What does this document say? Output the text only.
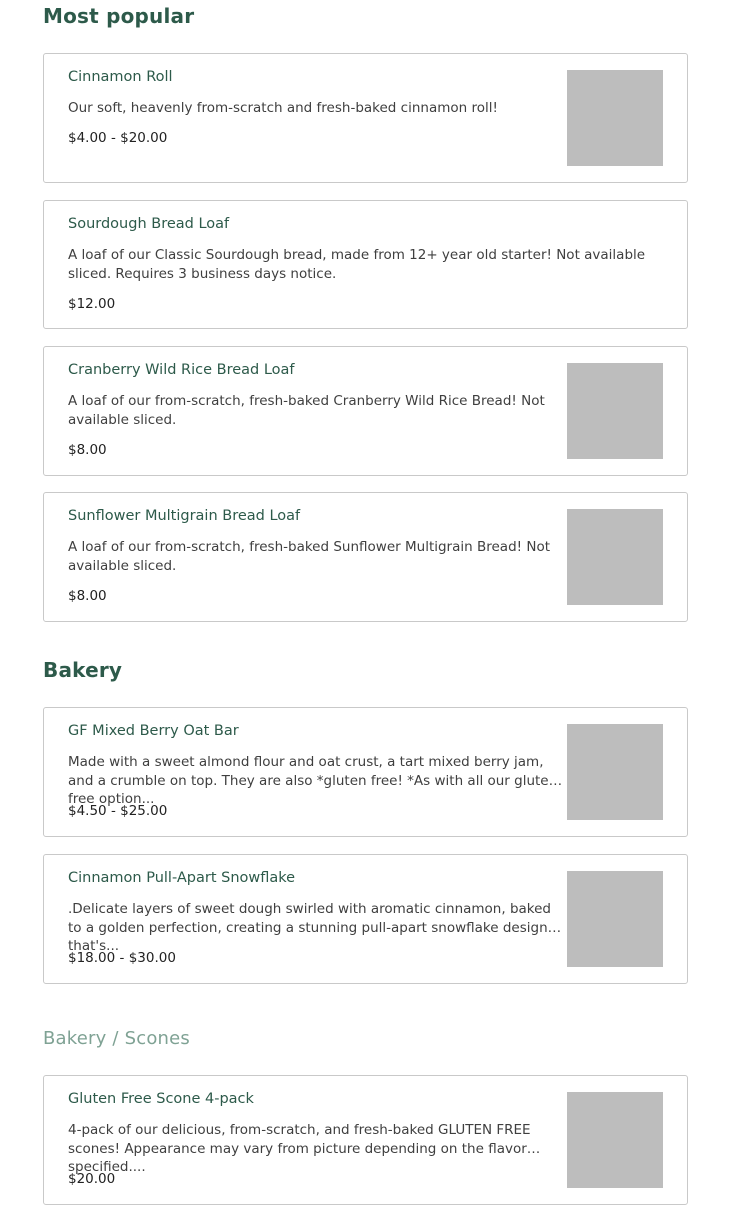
Most popular
Cinnamon Roll
Our soft, heavenly from-scratch and fresh-baked cinnamon roll!
$4.00 - $20.00
Sourdough Bread Loaf
A loaf of our Classic Sourdough bread, made from 12+ year old starter! Not available sliced. Requires 3 business days notice.
$12.00
Cranberry Wild Rice Bread Loaf
A loaf of our from-scratch, fresh-baked Cranberry Wild Rice Bread! Not available sliced.
$8.00
Sunflower Multigrain Bread Loaf
A loaf of our from-scratch, fresh-baked Sunflower Multigrain Bread! Not available sliced.
$8.00
Bakery
GF Mixed Berry Oat Bar
Made with a sweet almond flour and oat crust, a tart mixed berry jam, and a crumble on top. They are also *gluten free! *As with all our gluten free option...
$4.50 - $25.00
Cinnamon Pull-Apart Snowflake
.Delicate layers of sweet dough swirled with aromatic cinnamon, baked to a golden perfection, creating a stunning pull-apart snowflake design that's...
$18.00 - $30.00
Bakery / Scones
Gluten Free Scone 4-pack
4-pack of our delicious, from-scratch, and fresh-baked GLUTEN FREE scones! Appearance may vary from picture depending on the flavor specified....
$20.00
